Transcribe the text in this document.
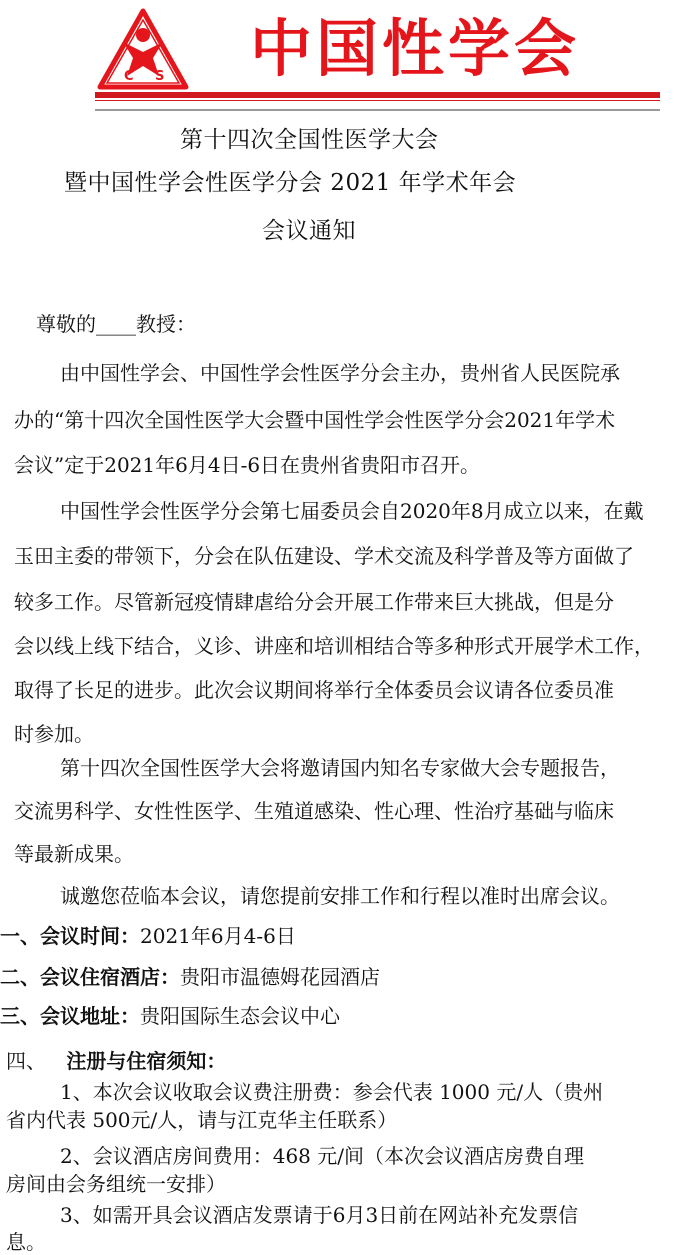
C S 中国性学会
第十四次全国性医学大会
暨中国性学会性医学分会 2021 年学术年会
会议通知
尊敬的____教授：
由中国性学会、中国性学会性医学分会主办，贵州省人民医院承
办的“第十四次全国性医学大会暨中国性学会性医学分会2021年学术
会议”定于2021年6月4日-6日在贵州省贵阳市召开。
中国性学会性医学分会第七届委员会自2020年8月成立以来，在戴
玉田主委的带领下，分会在队伍建设、学术交流及科学普及等方面做了
较多工作。尽管新冠疫情肆虐给分会开展工作带来巨大挑战，但是分
会以线上线下结合，义诊、讲座和培训相结合等多种形式开展学术工作，
取得了长足的进步。此次会议期间将举行全体委员会议请各位委员准
时参加。
第十四次全国性医学大会将邀请国内知名专家做大会专题报告，
交流男科学、女性性医学、生殖道感染、性心理、性治疗基础与临床
等最新成果。
诚邀您莅临本会议，请您提前安排工作和行程以准时出席会议。
一、会议时间：2021年6月4-6日
二、会议住宿酒店：贵阳市温德姆花园酒店
三、会议地址：贵阳国际生态会议中心
四、 注册与住宿须知：
1、本次会议收取会议费注册费：参会代表 1000 元/人（贵州
省内代表 500元/人，请与江克华主任联系）
2、会议酒店房间费用：468 元/间（本次会议酒店房费自理
房间由会务组统一安排）
3、如需开具会议酒店发票请于6月3日前在网站补充发票信
息。
